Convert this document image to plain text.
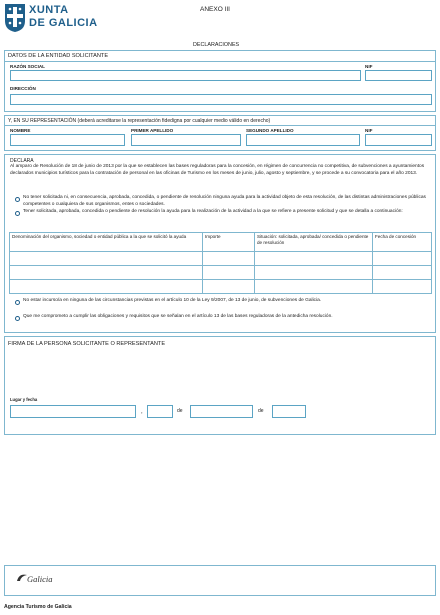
XUNTA
DE GALICIA
ANEXO III
DECLARACIONES
DATOS DE LA ENTIDAD SOLICITANTE
RAZÓN SOCIAL	NIF
DIRECCIÓN
Y, EN SU REPRESENTACIÓN (deberá acreditarse la representación fidedigna por cualquier medio válido en derecho)
NOMBRE	PRIMER APELLIDO	SEGUNDO APELLIDO	NIF
DECLARA
Al amparo de Resolución de 18 de junio de 2013 por la que se establecen las bases reguladoras para la concesión, en régimen de concurrencia no competitiva, de subvenciones a ayuntamientos declarados municipios turísticos para la contratación de personal en las oficinas de Turismo en los meses de junio, julio, agosto y septiembre, y se procede a su convocatoria para el año 2013.
No tener solicitada ni, en consecuencia, aprobada, concedida, o pendiente de resolución ninguna ayuda para la actividad objeto de esta resolución, de las distintas administraciones públicas competentes o cualquiera de sus organismos, entes o sociedades.
Tener solicitada, aprobada, concedida o pendiente de resolución la ayuda para la realización de la actividad a la que se refiere a presente solicitud y que se detalla a continuación:
Denominación del organismo, sociedad o entidad pública a la que se solicitó la ayuda	Importe	Situación: solicitada, aprobada/ concedida o pendiente de resolución	Fecha de concesión

No estar incurso/a en ninguna de las circunstancias previstas en el artículo 10 de la Ley 9/2007, de 13 de junio, de subvenciones de Galicia.
Que me comprometo a cumplir las obligaciones y requisitos que se señalan en el artículo 13 de las bases reguladoras de la antedicha resolución.
FIRMA DE LA PERSONA SOLICITANTE O REPRESENTANTE
Lugar y fecha
,	de	de
Galicia
Agencia Turismo de Galicia
